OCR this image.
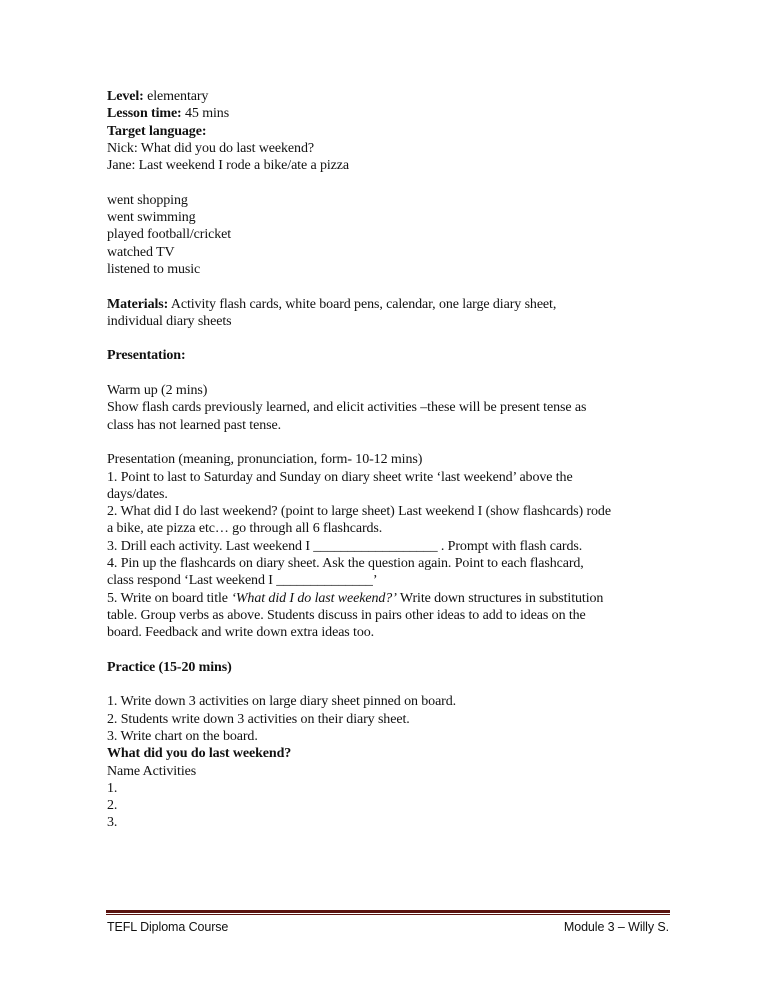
Level: elementary
Lesson time: 45 mins
Target language:
Nick: What did you do last weekend?
Jane: Last weekend I rode a bike/ate a pizza
went shopping
went swimming
played football/cricket
watched TV
listened to music
Materials: Activity flash cards, white board pens, calendar, one large diary sheet,
individual diary sheets
Presentation:
Warm up (2 mins)
Show flash cards previously learned, and elicit activities –these will be present tense as
class has not learned past tense.
Presentation (meaning, pronunciation, form- 10-12 mins)
1. Point to last to Saturday and Sunday on diary sheet write ‘last weekend’ above the
days/dates.
2. What did I do last weekend? (point to large sheet) Last weekend I (show flashcards) rode
a bike, ate pizza etc… go through all 6 flashcards.
3. Drill each activity. Last weekend I __________________ . Prompt with flash cards.
4. Pin up the flashcards on diary sheet. Ask the question again. Point to each flashcard,
class respond ‘Last weekend I ______________’
5. Write on board title ‘What did I do last weekend?’ Write down structures in substitution
table. Group verbs as above. Students discuss in pairs other ideas to add to ideas on the
board. Feedback and write down extra ideas too.
Practice (15-20 mins)
1. Write down 3 activities on large diary sheet pinned on board.
2. Students write down 3 activities on their diary sheet.
3. Write chart on the board.
What did you do last weekend?
Name Activities
1.
2.
3.
TEFL Diploma Course	Module 3 – Willy S.
